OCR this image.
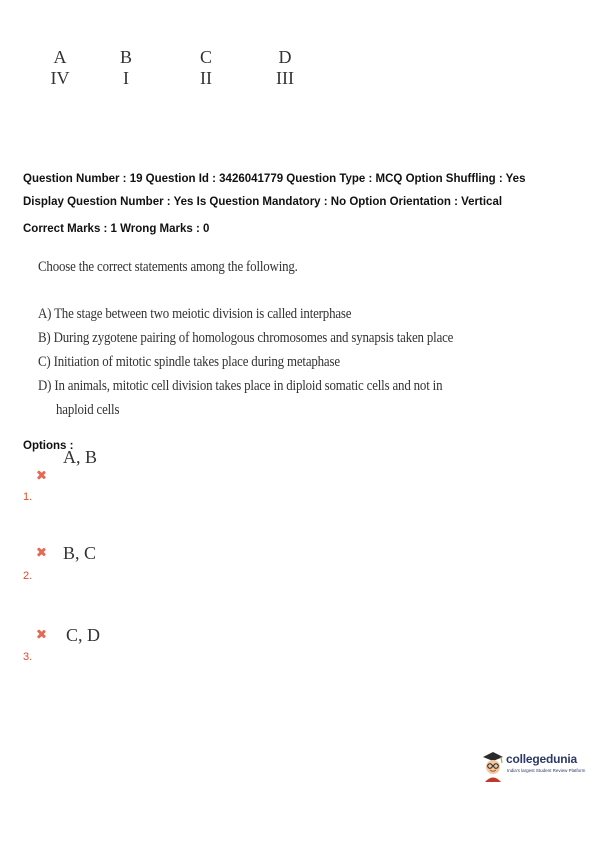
A
IV
B
I
C
II
D
III
Question Number : 19 Question Id : 3426041779 Question Type : MCQ Option Shuffling : Yes
Display Question Number : Yes Is Question Mandatory : No Option Orientation : Vertical
Correct Marks : 1 Wrong Marks : 0
Choose the correct statements among the following.
A) The stage between two meiotic division is called interphase
B) During zygotene pairing of homologous chromosomes and synapsis taken place
C) Initiation of mitotic spindle takes place during metaphase
D) In animals, mitotic cell division takes place in diploid somatic cells and not in
haploid cells
Options :
A, B
1.
B, C
2.
C, D
3.
collegedunia
India's largest Student Review Platform
